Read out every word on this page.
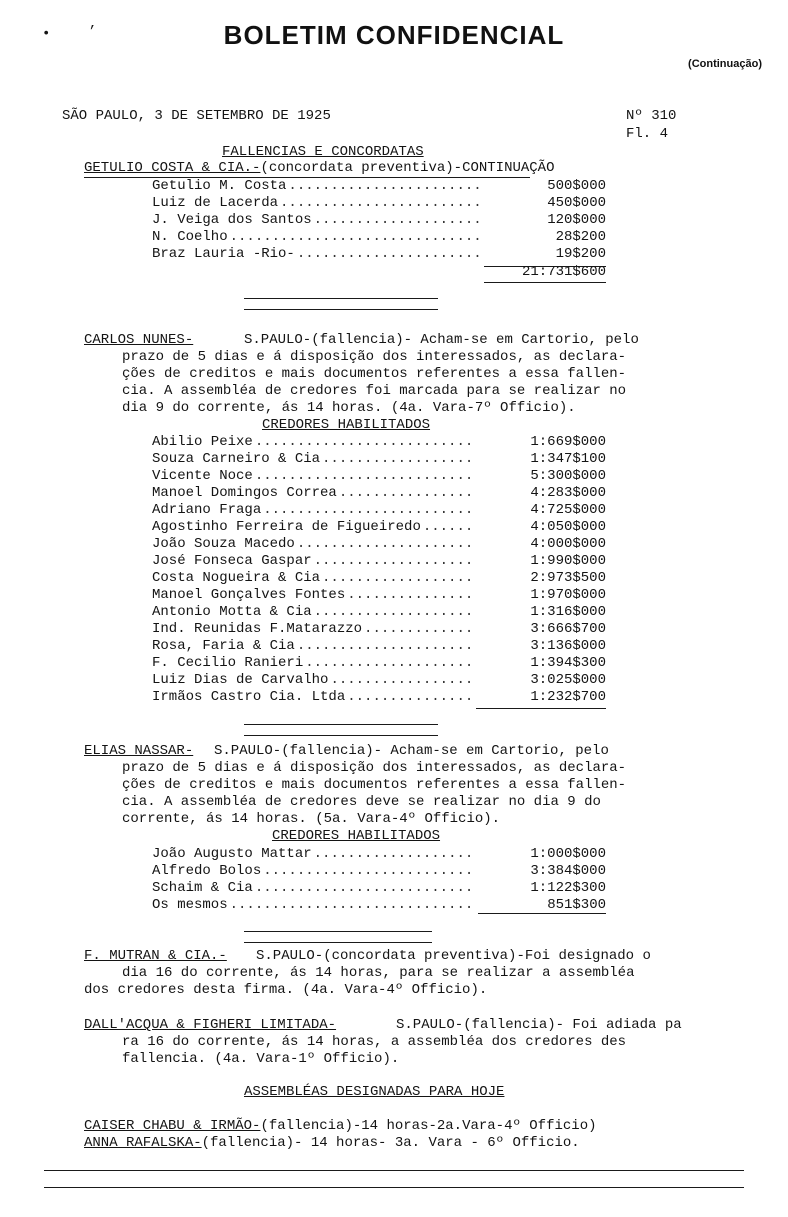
BOLETIM CONFIDENCIAL
(Continuação)
SÃO PAULO, 3 DE SETEMBRO DE 1925	Nº 310
Fl. 4
FALLENCIAS E CONCORDATAS
GETULIO COSTA & CIA.-(concordata preventiva)-CONTINUAÇÃO
Getulio M. Costa .......................	500$000
Luiz de Lacerda ........................	450$000
J. Veiga dos Santos ....................	120$000
N. Coelho ..............................	28$200
Braz Lauria -Rio- ......................	19$200
21:731$600
CARLOS NUNES-	S.PAULO-(fallencia)- Acham-se em Cartorio, pelo
prazo de 5 dias e á disposição dos interessados, as declara-
ções de creditos e mais documentos referentes a essa fallen-
cia. A assembléa de credores foi marcada para se realizar no
dia 9 do corrente, ás 14 horas. (4a. Vara-7º Officio).
CREDORES HABILITADOS
Abilio Peixe ..........................	1:669$000
Souza Carneiro & Cia ..................	1:347$100
Vicente Noce ..........................	5:300$000
Manoel Domingos Correa ................	4:283$000
Adriano Fraga .........................	4:725$000
Agostinho Ferreira de Figueiredo ......	4:050$000
João Souza Macedo .....................	4:000$000
José Fonseca Gaspar ...................	1:990$000
Costa Nogueira & Cia ..................	2:973$500
Manoel Gonçalves Fontes ...............	1:970$000
Antonio Motta & Cia ...................	1:316$000
Ind. Reunidas F.Matarazzo .............	3:666$700
Rosa, Faria & Cia .....................	3:136$000
F. Cecilio Ranieri ....................	1:394$300
Luiz Dias de Carvalho .................	3:025$000
Irmãos Castro Cia. Ltda ...............	1:232$700
ELIAS NASSAR- S.PAULO-(fallencia)- Acham-se em Cartorio, pelo
prazo de 5 dias e á disposição dos interessados, as declara-
ções de creditos e mais documentos referentes a essa fallen-
cia. A assembléa de credores deve se realizar no dia 9 do
corrente, ás 14 horas. (5a. Vara-4º Officio).
CREDORES HABILITADOS
João Augusto Mattar ...................	1:000$000
Alfredo Bolos .........................	3:384$000
Schaim & Cia ..........................	1:122$300
Os mesmos .............................	851$300
F. MUTRAN & CIA.- S.PAULO-(concordata preventiva)-Foi designado o
dia 16 do corrente, ás 14 horas, para se realizar a assembléa
dos credores desta firma. (4a. Vara-4º Officio).
DALL'ACQUA & FIGHERI LIMITADA-	S.PAULO-(fallencia)- Foi adiada pa
ra 16 do corrente, ás 14 horas, a assembléa dos credores des
fallencia. (4a. Vara-1º Officio).
ASSEMBLÉAS DESIGNADAS PARA HOJE
CAISER CHABU & IRMÃO-(fallencia)-14 horas-2a.Vara-4º Officio)
ANNA RAFALSKA-(fallencia)- 14 horas- 3a. Vara - 6º Officio.
•	’
